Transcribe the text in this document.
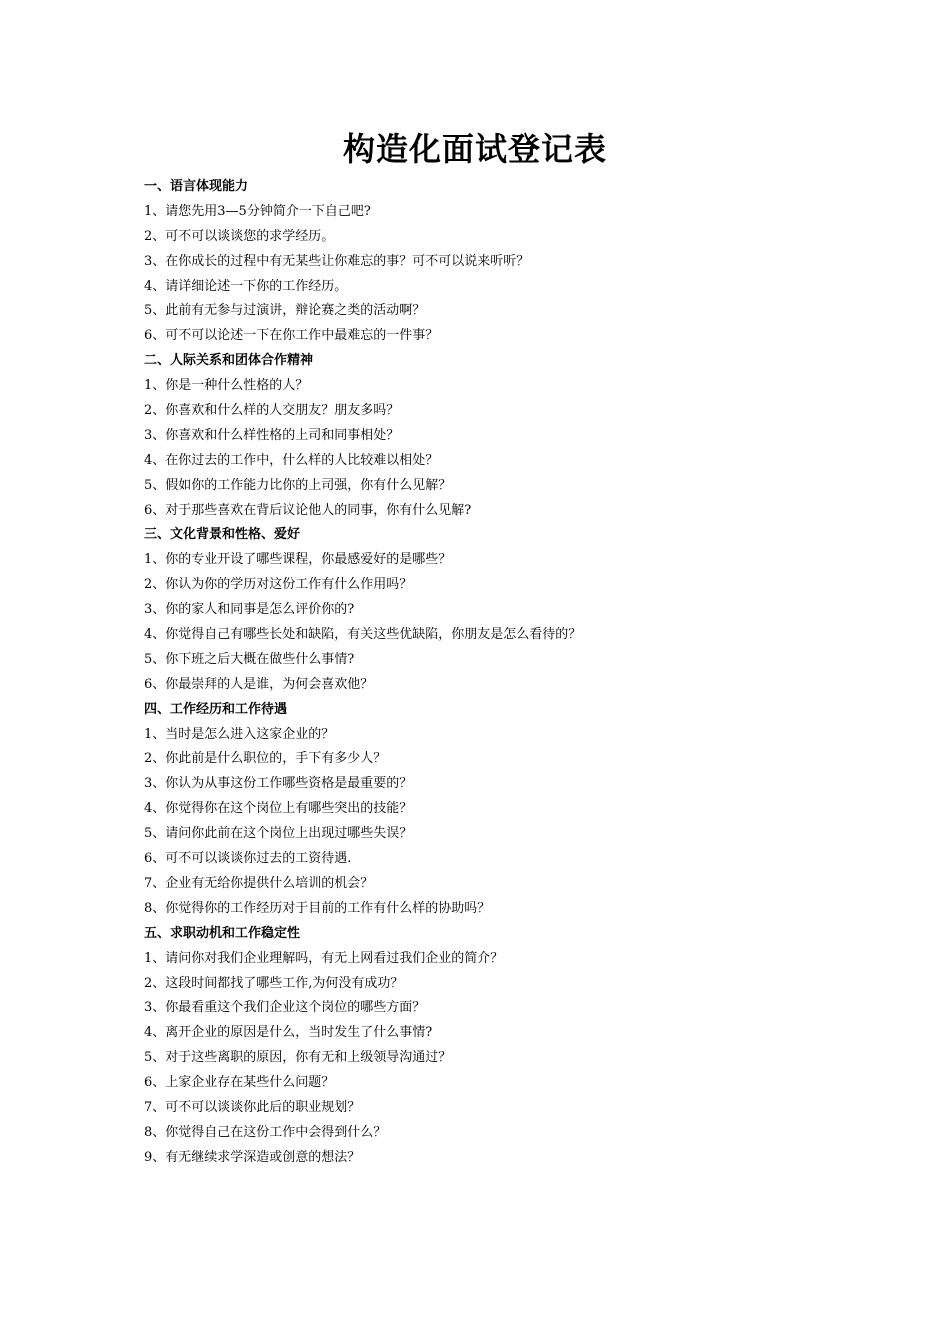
构造化面试登记表
一、语言体现能力
1、请您先用3—5分钟简介一下自己吧?
2、可不可以谈谈您的求学经历。
3、在你成长的过程中有无某些让你难忘的事？可不可以说来听听？
4、请详细论述一下你的工作经历。
5、此前有无参与过演讲，辩论赛之类的活动啊？
6、可不可以论述一下在你工作中最难忘的一件事？
二、人际关系和团体合作精神
1、你是一种什么性格的人？
2、你喜欢和什么样的人交朋友？朋友多吗？
3、你喜欢和什么样性格的上司和同事相处？
4、在你过去的工作中，什么样的人比较难以相处？
5、假如你的工作能力比你的上司强，你有什么见解？
6、对于那些喜欢在背后议论他人的同事，你有什么见解?
三、文化背景和性格、爱好
1、你的专业开设了哪些课程，你最感爱好的是哪些？
2、你认为你的学历对这份工作有什么作用吗？
3、你的家人和同事是怎么评价你的?
4、你觉得自己有哪些长处和缺陷，有关这些优缺陷，你朋友是怎么看待的？
5、你下班之后大概在做些什么事情?
6、你最崇拜的人是谁，为何会喜欢他？
四、工作经历和工作待遇
1、当时是怎么进入这家企业的？
2、你此前是什么职位的，手下有多少人？
3、你认为从事这份工作哪些资格是最重要的？
4、你觉得你在这个岗位上有哪些突出的技能？
5、请问你此前在这个岗位上出现过哪些失误？
6、可不可以谈谈你过去的工资待遇.
7、企业有无给你提供什么培训的机会？
8、你觉得你的工作经历对于目前的工作有什么样的协助吗？
五、求职动机和工作稳定性
1、请问你对我们企业理解吗，有无上网看过我们企业的简介？
2、这段时间都找了哪些工作,为何没有成功？
3、你最看重这个我们企业这个岗位的哪些方面？
4、离开企业的原因是什么，当时发生了什么事情?
5、对于这些离职的原因，你有无和上级领导沟通过？
6、上家企业存在某些什么问题？
7、可不可以谈谈你此后的职业规划？
8、你觉得自己在这份工作中会得到什么？
9、有无继续求学深造或创意的想法？
